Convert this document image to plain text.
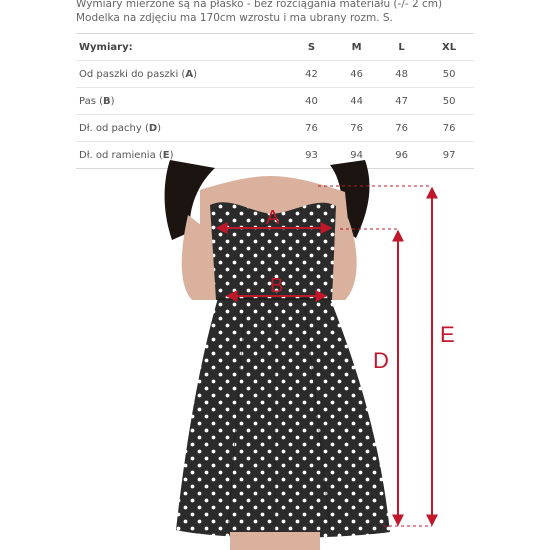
Wymiary mierzone są na płasko - bez rozciągania materiału (-/- 2 cm)
Modelka na zdjęciu ma 170cm wzrostu i ma ubrany rozm. S.
Wymiary:	S	M	L	XL
Od paszki do paszki (A)	42	46	48	50
Pas (B)	40	44	47	50
Dł. od pachy (D)	76	76	76	76
Dł. od ramienia (E)	93	94	96	97
A
B
D
E
